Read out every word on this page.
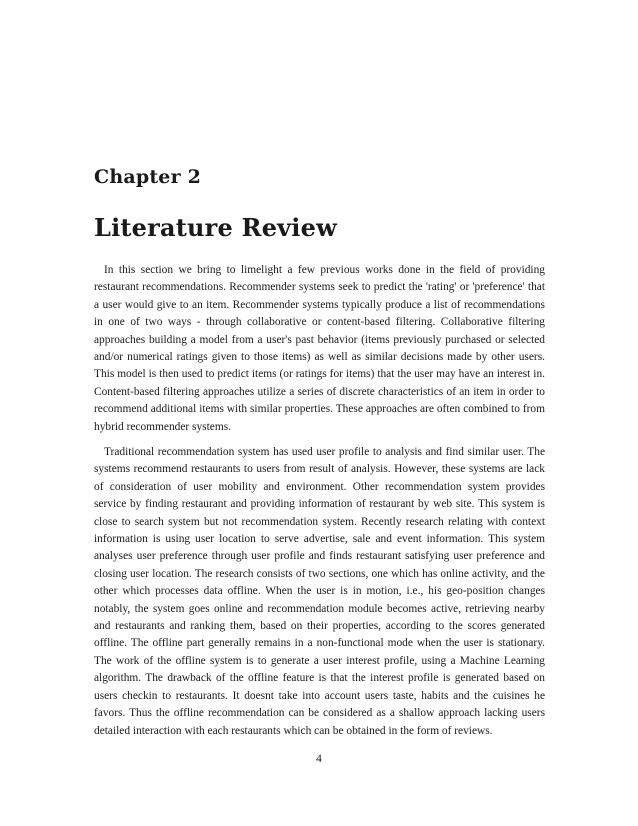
Chapter 2
Literature Review

In this section we bring to limelight a few previous works done in the field of providing restaurant recommendations. Recommender systems seek to predict the 'rating' or 'preference' that a user would give to an item. Recommender systems typically produce a list of recommendations in one of two ways - through collaborative or content-based filtering. Collaborative filtering approaches building a model from a user's past behavior (items previously purchased or selected and/or numerical ratings given to those items) as well as similar decisions made by other users. This model is then used to predict items (or ratings for items) that the user may have an interest in. Content-based filtering approaches utilize a series of discrete characteristics of an item in order to recommend additional items with similar properties. These approaches are often combined to from hybrid recommender systems.

Traditional recommendation system has used user profile to analysis and find similar user. The systems recommend restaurants to users from result of analysis. However, these systems are lack of consideration of user mobility and environment. Other recommendation system provides service by finding restaurant and providing information of restaurant by web site. This system is close to search system but not recommendation system. Recently research relating with context information is using user location to serve advertise, sale and event information. This system analyses user preference through user profile and finds restaurant satisfying user preference and closing user location. The research consists of two sections, one which has online activity, and the other which processes data offline. When the user is in motion, i.e., his geo-position changes notably, the system goes online and recommendation module becomes active, retrieving nearby and restaurants and ranking them, based on their properties, according to the scores generated offline. The offline part generally remains in a non-functional mode when the user is stationary. The work of the offline system is to generate a user interest profile, using a Machine Learning algorithm. The drawback of the offline feature is that the interest profile is generated based on users checkin to restaurants. It doesnt take into account users taste, habits and the cuisines he favors. Thus the offline recommendation can be considered as a shallow approach lacking users detailed interaction with each restaurants which can be obtained in the form of reviews.

4
